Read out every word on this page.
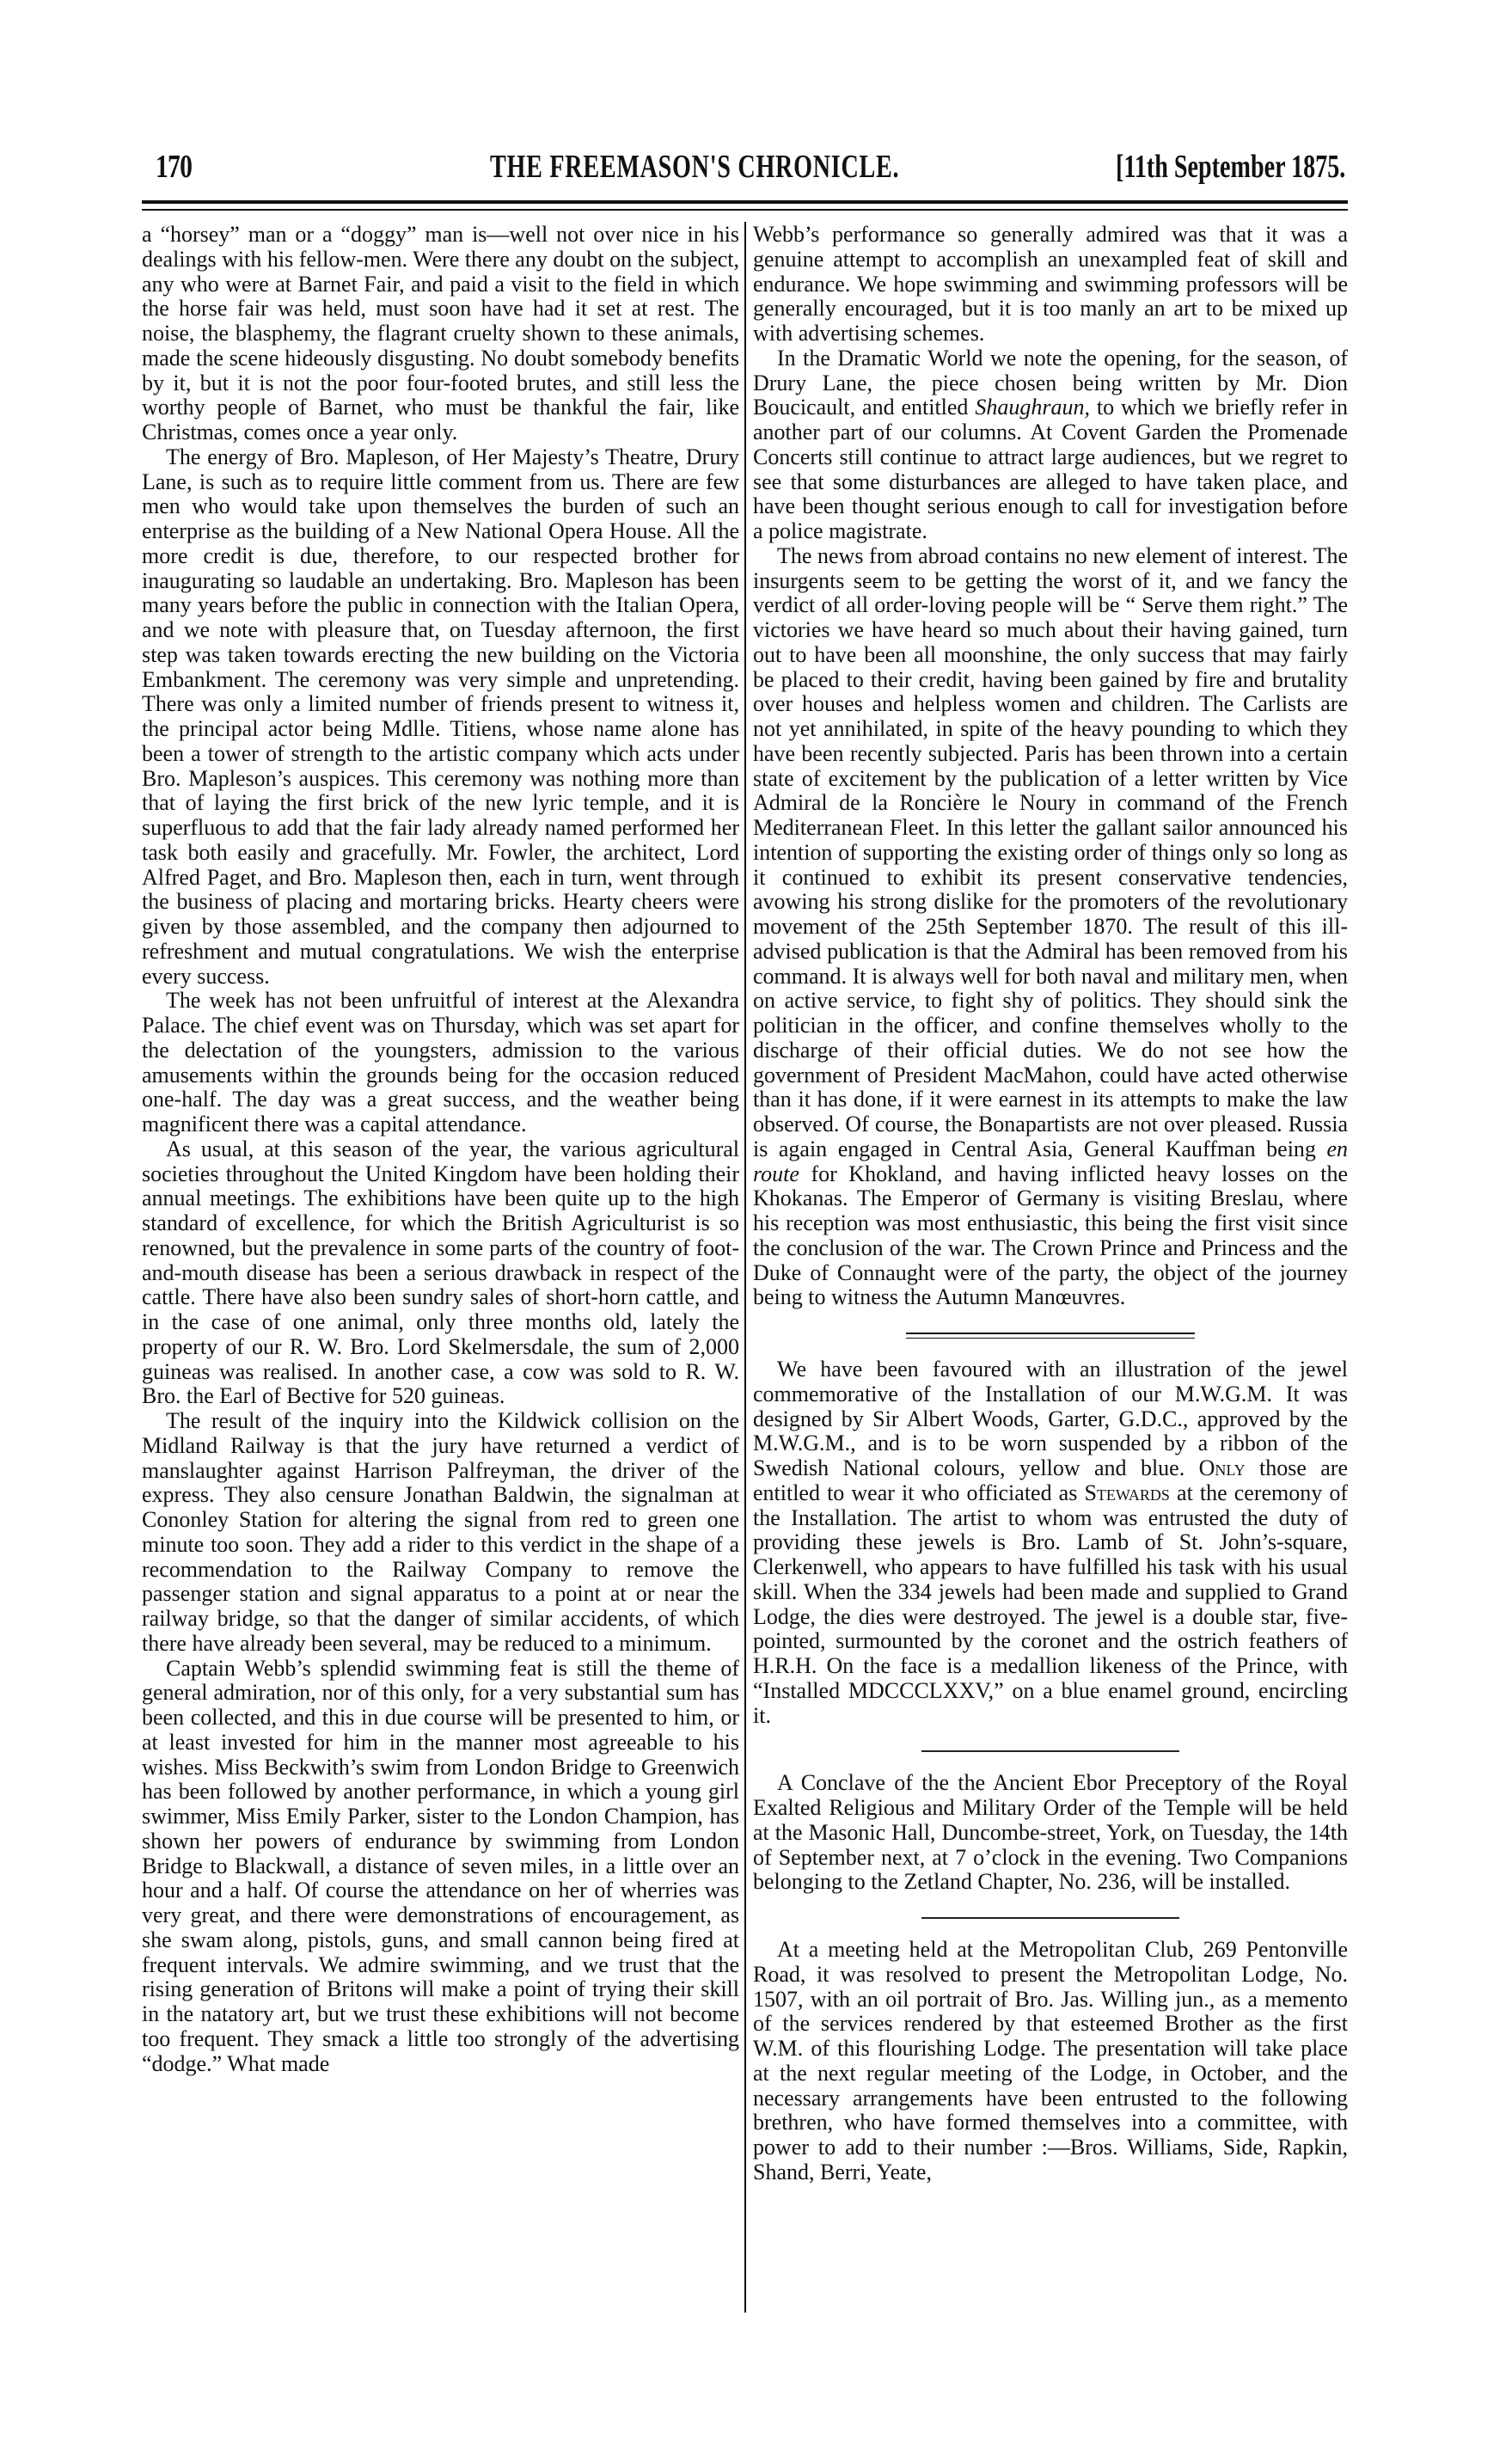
170	THE FREEMASON'S CHRONICLE.	[11th September 1875.

a “horsey” man or a “doggy” man is—well not over nice in his dealings with his fellow-men. Were there any doubt on the subject, any who were at Barnet Fair, and paid a visit to the field in which the horse fair was held, must soon have had it set at rest. The noise, the blasphemy, the flagrant cruelty shown to these animals, made the scene hideously disgusting. No doubt somebody benefits by it, but it is not the poor four-footed brutes, and still less the worthy people of Barnet, who must be thankful the fair, like Christmas, comes once a year only.

The energy of Bro. Mapleson, of Her Majesty’s Theatre, Drury Lane, is such as to require little comment from us. There are few men who would take upon themselves the burden of such an enterprise as the building of a New National Opera House. All the more credit is due, therefore, to our respected brother for inaugurating so laudable an undertaking. Bro. Mapleson has been many years before the public in connection with the Italian Opera, and we note with pleasure that, on Tuesday afternoon, the first step was taken towards erecting the new building on the Victoria Embankment. The ceremony was very simple and unpretending. There was only a limited number of friends present to witness it, the principal actor being Mdlle. Titiens, whose name alone has been a tower of strength to the artistic company which acts under Bro. Mapleson’s auspices. This ceremony was nothing more than that of laying the first brick of the new lyric temple, and it is superfluous to add that the fair lady already named performed her task both easily and gracefully. Mr. Fowler, the architect, Lord Alfred Paget, and Bro. Mapleson then, each in turn, went through the business of placing and mortaring bricks. Hearty cheers were given by those assembled, and the company then adjourned to refreshment and mutual congratulations. We wish the enterprise every success.

The week has not been unfruitful of interest at the Alexandra Palace. The chief event was on Thursday, which was set apart for the delectation of the youngsters, admission to the various amusements within the grounds being for the occasion reduced one-half. The day was a great success, and the weather being magnificent there was a capital attendance.

As usual, at this season of the year, the various agricultural societies throughout the United Kingdom have been holding their annual meetings. The exhibitions have been quite up to the high standard of excellence, for which the British Agriculturist is so renowned, but the prevalence in some parts of the country of foot-and-mouth disease has been a serious drawback in respect of the cattle. There have also been sundry sales of short-horn cattle, and in the case of one animal, only three months old, lately the property of our R. W. Bro. Lord Skelmersdale, the sum of 2,000 guineas was realised. In another case, a cow was sold to R. W. Bro. the Earl of Bective for 520 guineas.

The result of the inquiry into the Kildwick collision on the Midland Railway is that the jury have returned a verdict of manslaughter against Harrison Palfreyman, the driver of the express. They also censure Jonathan Baldwin, the signalman at Cononley Station for altering the signal from red to green one minute too soon. They add a rider to this verdict in the shape of a recommendation to the Railway Company to remove the passenger station and signal apparatus to a point at or near the railway bridge, so that the danger of similar accidents, of which there have already been several, may be reduced to a minimum.

Captain Webb’s splendid swimming feat is still the theme of general admiration, nor of this only, for a very substantial sum has been collected, and this in due course will be presented to him, or at least invested for him in the manner most agreeable to his wishes. Miss Beckwith’s swim from London Bridge to Greenwich has been followed by another performance, in which a young girl swimmer, Miss Emily Parker, sister to the London Champion, has shown her powers of endurance by swimming from London Bridge to Blackwall, a distance of seven miles, in a little over an hour and a half. Of course the attendance on her of wherries was very great, and there were demonstrations of encouragement, as she swam along, pistols, guns, and small cannon being fired at frequent intervals. We admire swimming, and we trust that the rising generation of Britons will make a point of trying their skill in the natatory art, but we trust these exhibitions will not become too frequent. They smack a little too strongly of the advertising “dodge.” What made

Webb’s performance so generally admired was that it was a genuine attempt to accomplish an unexampled feat of skill and endurance. We hope swimming and swimming professors will be generally encouraged, but it is too manly an art to be mixed up with advertising schemes.

In the Dramatic World we note the opening, for the season, of Drury Lane, the piece chosen being written by Mr. Dion Boucicault, and entitled Shaughraun, to which we briefly refer in another part of our columns. At Covent Garden the Promenade Concerts still continue to attract large audiences, but we regret to see that some disturbances are alleged to have taken place, and have been thought serious enough to call for investigation before a police magistrate.

The news from abroad contains no new element of interest. The insurgents seem to be getting the worst of it, and we fancy the verdict of all order-loving people will be “ Serve them right.” The victories we have heard so much about their having gained, turn out to have been all moonshine, the only success that may fairly be placed to their credit, having been gained by fire and brutality over houses and helpless women and children. The Carlists are not yet annihilated, in spite of the heavy pounding to which they have been recently subjected. Paris has been thrown into a certain state of excitement by the publication of a letter written by Vice Admiral de la Roncière le Noury in command of the French Mediterranean Fleet. In this letter the gallant sailor announced his intention of supporting the existing order of things only so long as it continued to exhibit its present conservative tendencies, avowing his strong dislike for the promoters of the revolutionary movement of the 25th September 1870. The result of this ill-advised publication is that the Admiral has been removed from his command. It is always well for both naval and military men, when on active service, to fight shy of politics. They should sink the politician in the officer, and confine themselves wholly to the discharge of their official duties. We do not see how the government of President MacMahon, could have acted otherwise than it has done, if it were earnest in its attempts to make the law observed. Of course, the Bonapartists are not over pleased. Russia is again engaged in Central Asia, General Kauffman being en route for Khokland, and having inflicted heavy losses on the Khokanas. The Emperor of Germany is visiting Breslau, where his reception was most enthusiastic, this being the first visit since the conclusion of the war. The Crown Prince and Princess and the Duke of Connaught were of the party, the object of the journey being to witness the Autumn Manœuvres.

We have been favoured with an illustration of the jewel commemorative of the Installation of our M.W.G.M. It was designed by Sir Albert Woods, Garter, G.D.C., approved by the M.W.G.M., and is to be worn suspended by a ribbon of the Swedish National colours, yellow and blue. Only those are entitled to wear it who officiated as Stewards at the ceremony of the Installation. The artist to whom was entrusted the duty of providing these jewels is Bro. Lamb of St. John’s-square, Clerkenwell, who appears to have fulfilled his task with his usual skill. When the 334 jewels had been made and supplied to Grand Lodge, the dies were destroyed. The jewel is a double star, five-pointed, surmounted by the coronet and the ostrich feathers of H.R.H. On the face is a medallion likeness of the Prince, with “Installed MDCCCLXXV,” on a blue enamel ground, encircling it.

A Conclave of the the Ancient Ebor Preceptory of the Royal Exalted Religious and Military Order of the Temple will be held at the Masonic Hall, Duncombe-street, York, on Tuesday, the 14th of September next, at 7 o’clock in the evening. Two Companions belonging to the Zetland Chapter, No. 236, will be installed.

At a meeting held at the Metropolitan Club, 269 Pentonville Road, it was resolved to present the Metropolitan Lodge, No. 1507, with an oil portrait of Bro. Jas. Willing jun., as a memento of the services rendered by that esteemed Brother as the first W.M. of this flourishing Lodge. The presentation will take place at the next regular meeting of the Lodge, in October, and the necessary arrangements have been entrusted to the following brethren, who have formed themselves into a committee, with power to add to their number :—Bros. Williams, Side, Rapkin, Shand, Berri, Yeate,
